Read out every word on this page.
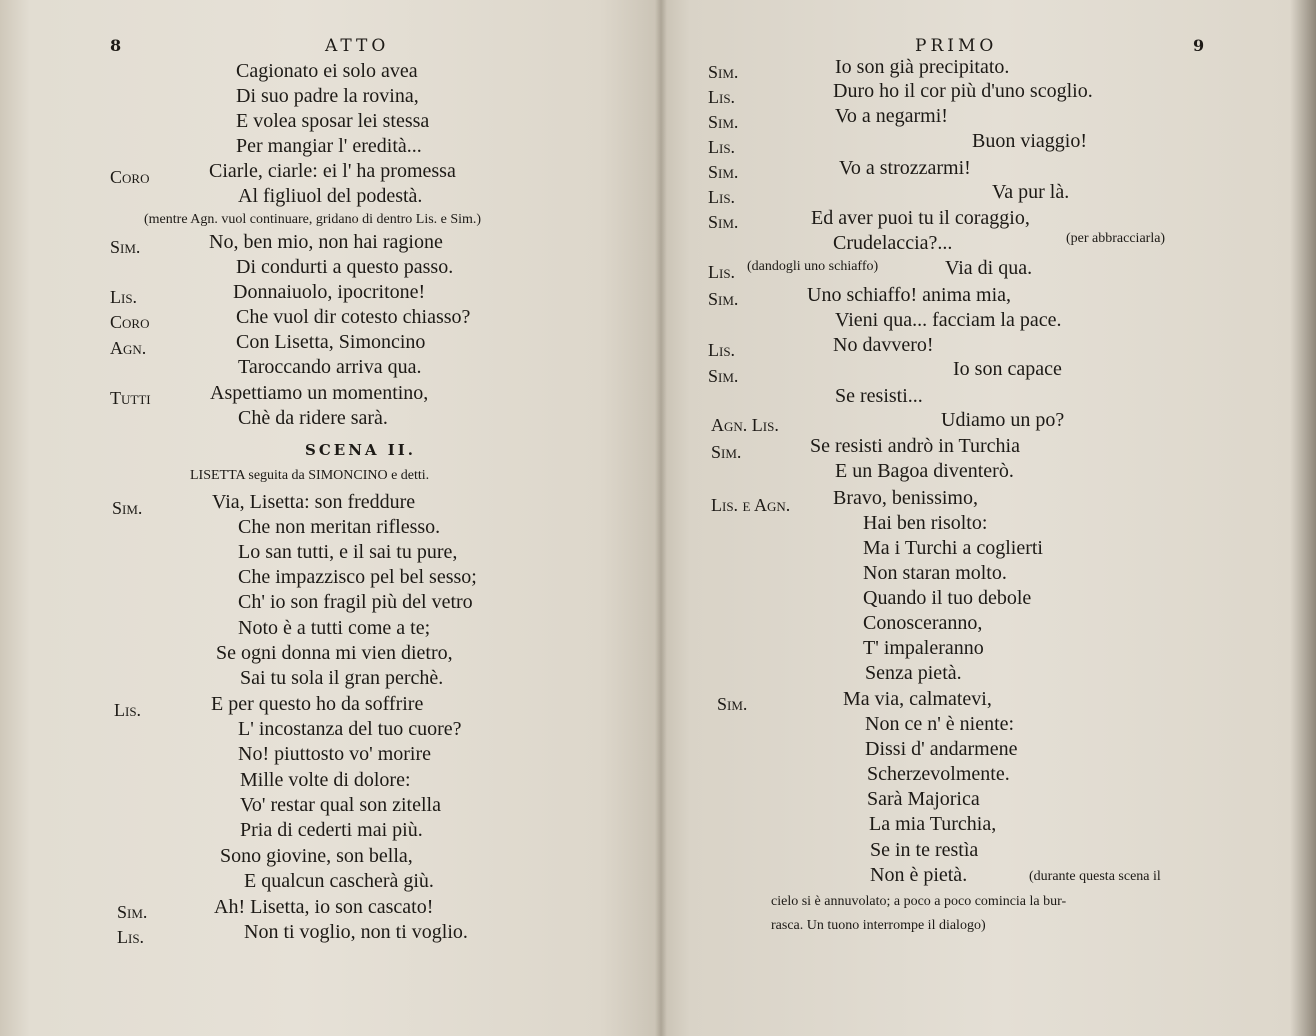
8	ATTO
Cagionato ei solo avea
Di suo padre la rovina,
E volea sposar lei stessa
Per mangiar l' eredità...
Coro	Ciarle, ciarle: ei l' ha promessa
Al figliuol del podestà.
(mentre Agn. vuol continuare, gridano di dentro Lis. e Sim.)
Sim.	No, ben mio, non hai ragione
Di condurti a questo passo.
Lis.	Donnaiuolo, ipocritone!
Coro	Che vuol dir cotesto chiasso?
Agn.	Con Lisetta, Simoncino
Taroccando arriva qua.
Tutti	Aspettiamo un momentino,
Chè da ridere sarà.
SCENA II.
LISETTA seguita da SIMONCINO e detti.
Sim.	Via, Lisetta: son freddure
Che non meritan riflesso.
Lo san tutti, e il sai tu pure,
Che impazzisco pel bel sesso;
Ch' io son fragil più del vetro
Noto è a tutti come a te;
Se ogni donna mi vien dietro,
Sai tu sola il gran perchè.
Lis.	E per questo ho da soffrire
L' incostanza del tuo cuore?
No! piuttosto vo' morire
Mille volte di dolore:
Vo' restar qual son zitella
Pria di cederti mai più.
Sono giovine, son bella,
E qualcun cascherà giù.
Sim.	Ah! Lisetta, io son cascato!
Lis.	Non ti voglio, non ti voglio.
PRIMO	9
Sim.	Io son già precipitato.
Lis.	Duro ho il cor più d'uno scoglio.
Sim.	Vo a negarmi!
Lis.	Buon viaggio!
Sim.	Vo a strozzarmi!
Lis.	Va pur là.
Sim.	Ed aver puoi tu il coraggio,
Crudelaccia?...	(per abbracciarla)
Lis. (dandogli uno schiaffo)	Via di qua.
Sim.	Uno schiaffo! anima mia,
Vieni qua... facciam la pace.
Lis.	No davvero!
Sim.	Io son capace
Se resisti...
Agn. Lis.	Udiamo un po?
Sim.	Se resisti andrò in Turchia
E un Bagoa diventerò.
Lis. e Agn. Bravo, benissimo,
Hai ben risolto:
Ma i Turchi a coglierti
Non staran molto.
Quando il tuo debole
Conosceranno,
T' impaleranno
Senza pietà.
Sim.	Ma via, calmatevi,
Non ce n' è niente:
Dissi d' andarmene
Scherzevolmente.
Sarà Majorica
La mia Turchia,
Se in te restìa
Non è pietà.	(durante questa scena il
cielo si è annuvolato; a poco a poco comincia la bur-
rasca. Un tuono interrompe il dialogo)
